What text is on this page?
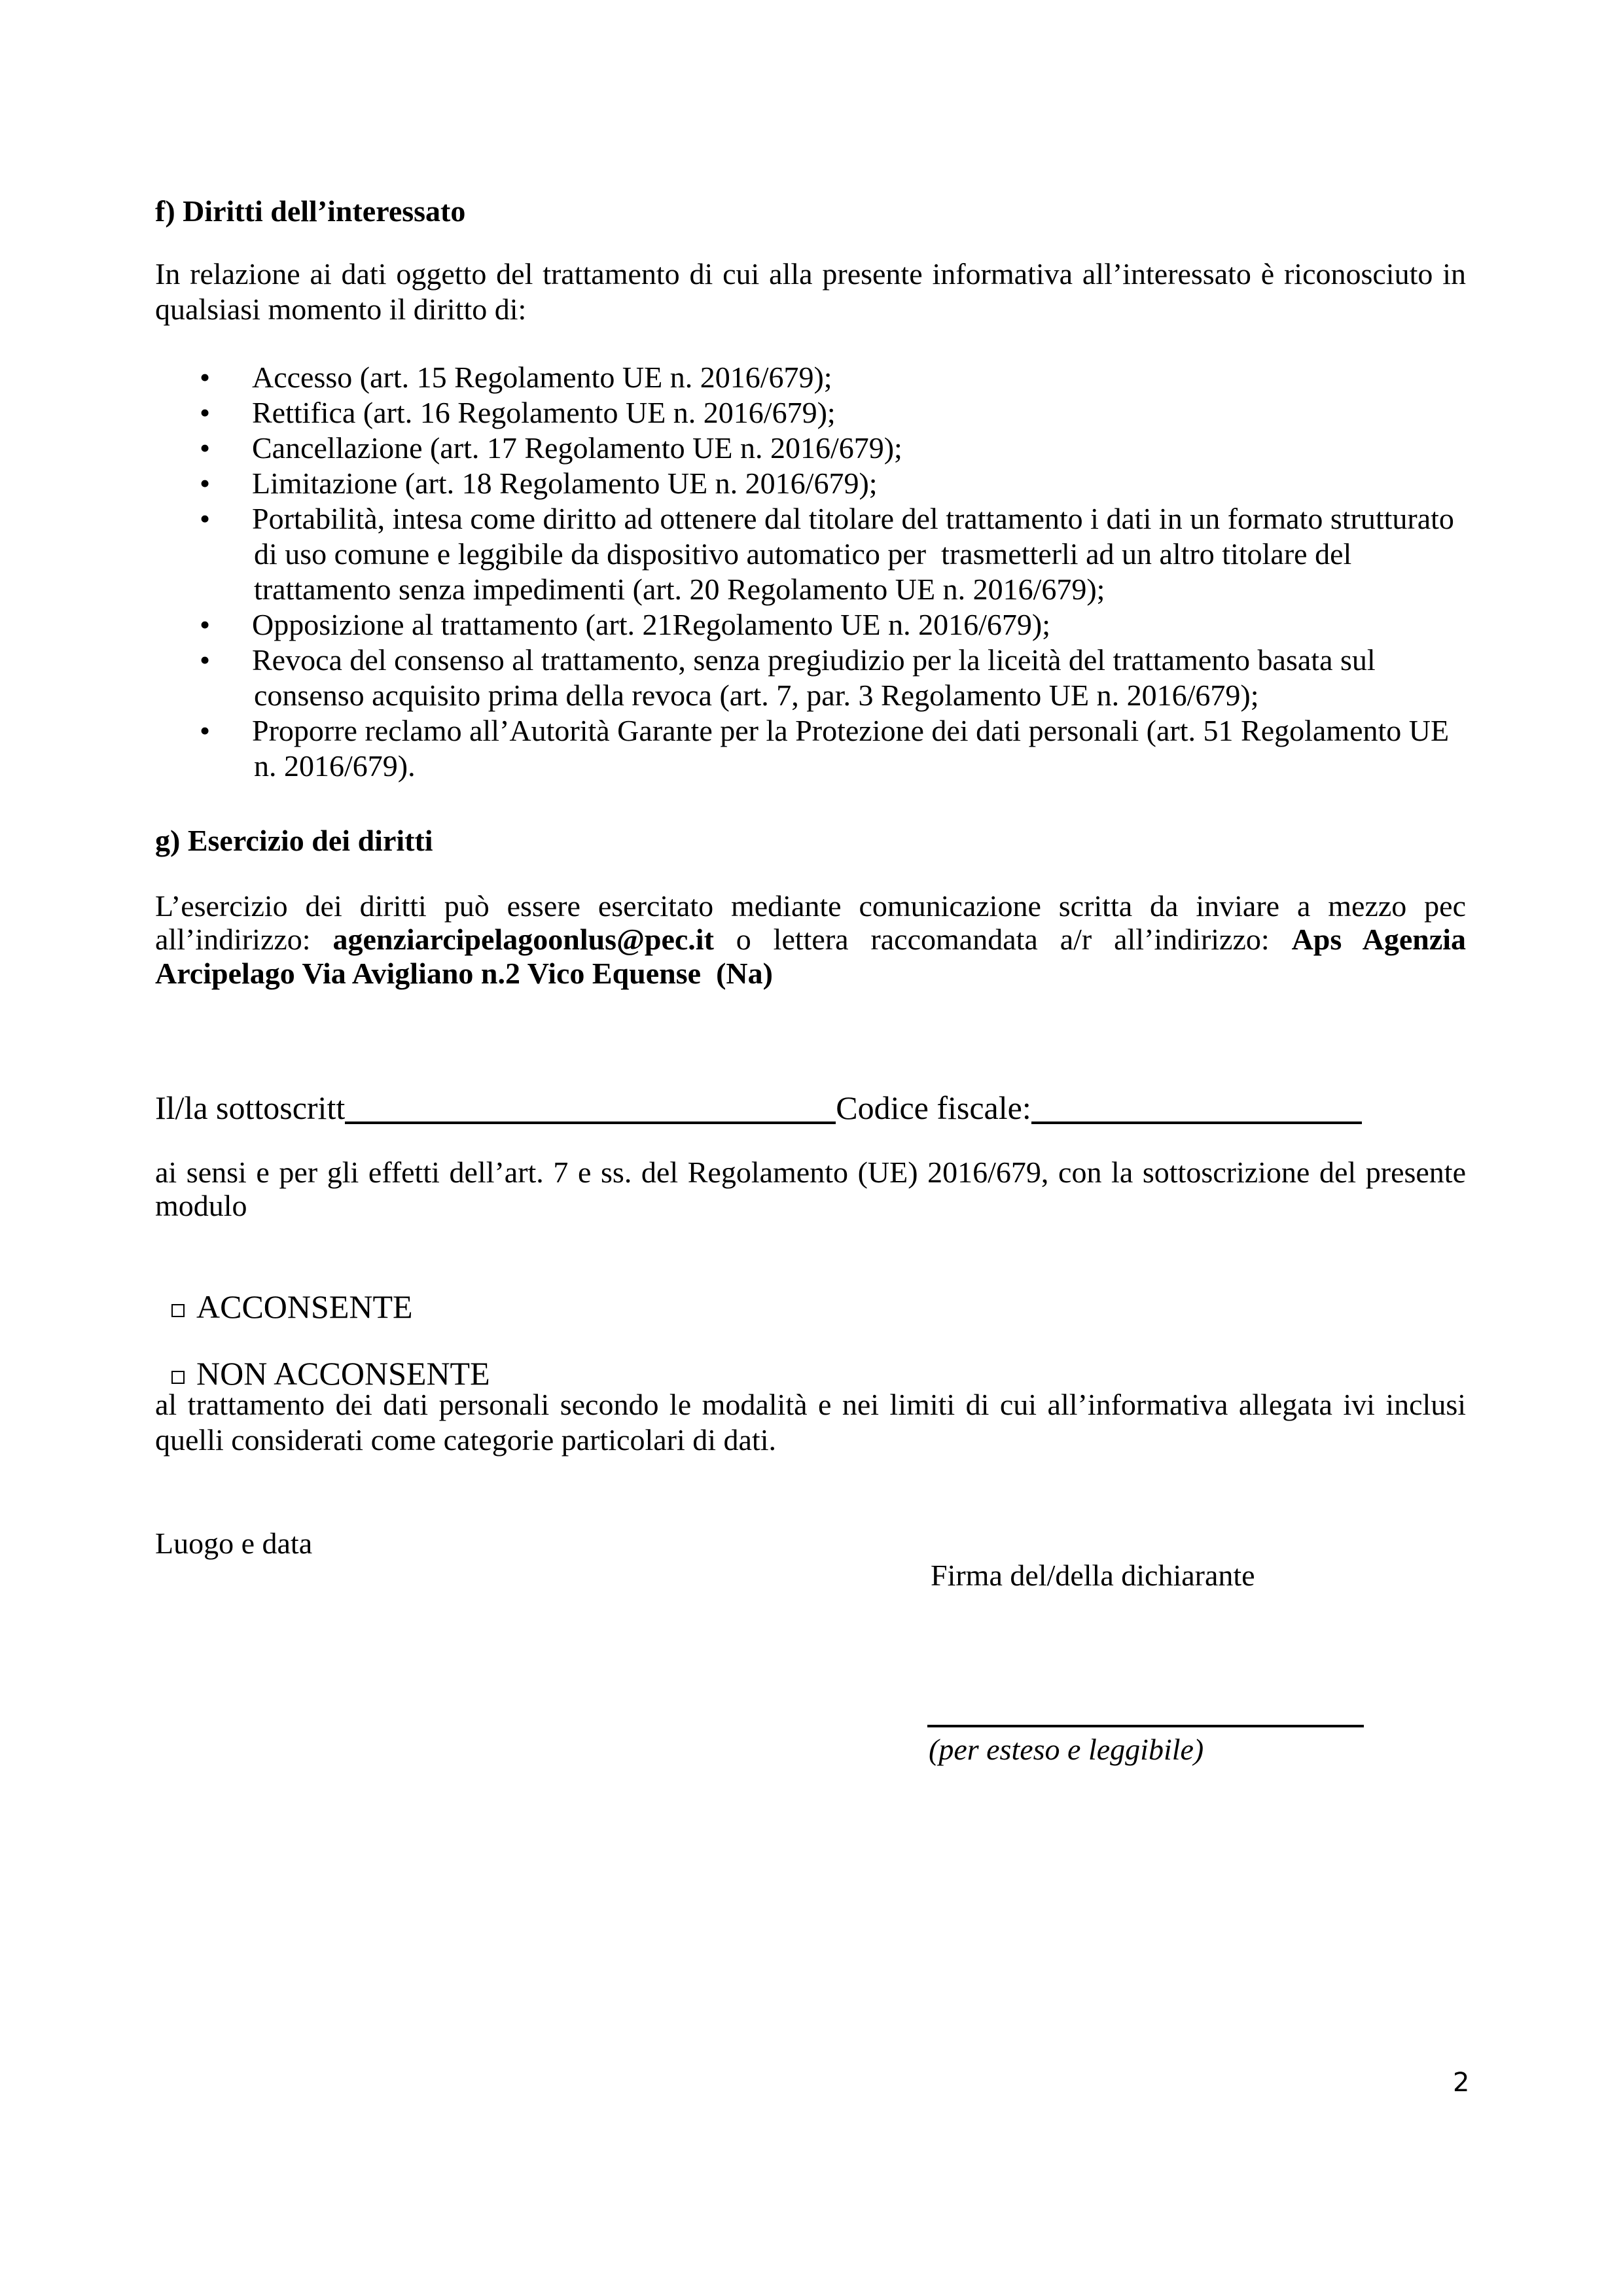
f) Diritti dell’interessato
In relazione ai dati oggetto del trattamento di cui alla presente informativa all’interessato è riconosciuto in
qualsiasi momento il diritto di:
• Accesso (art. 15 Regolamento UE n. 2016/679);
• Rettifica (art. 16 Regolamento UE n. 2016/679);
• Cancellazione (art. 17 Regolamento UE n. 2016/679);
• Limitazione (art. 18 Regolamento UE n. 2016/679);
• Portabilità, intesa come diritto ad ottenere dal titolare del trattamento i dati in un formato strutturato
di uso comune e leggibile da dispositivo automatico per  trasmetterli ad un altro titolare del
trattamento senza impedimenti (art. 20 Regolamento UE n. 2016/679);
• Opposizione al trattamento (art. 21Regolamento UE n. 2016/679);
• Revoca del consenso al trattamento, senza pregiudizio per la liceità del trattamento basata sul
consenso acquisito prima della revoca (art. 7, par. 3 Regolamento UE n. 2016/679);
• Proporre reclamo all’Autorità Garante per la Protezione dei dati personali (art. 51 Regolamento UE
n. 2016/679).
g) Esercizio dei diritti
L’esercizio dei diritti può essere esercitato mediante comunicazione scritta da inviare a mezzo pec
all’indirizzo: agenziarcipelagoonlus@pec.it o lettera raccomandata a/r all’indirizzo: Aps Agenzia
Arcipelago Via Avigliano n.2 Vico Equense  (Na)
Il/la sottoscritt	Codice fiscale:
ai sensi e per gli effetti dell’art. 7 e ss. del Regolamento (UE) 2016/679, con la sottoscrizione del presente
modulo

ACCONSENTE

NON ACCONSENTE

al trattamento dei dati personali secondo le modalità e nei limiti di cui all’informativa allegata ivi inclusi
quelli considerati come categorie particolari di dati.
Luogo e data
Firma del/della dichiarante
(per esteso e leggibile)
2
